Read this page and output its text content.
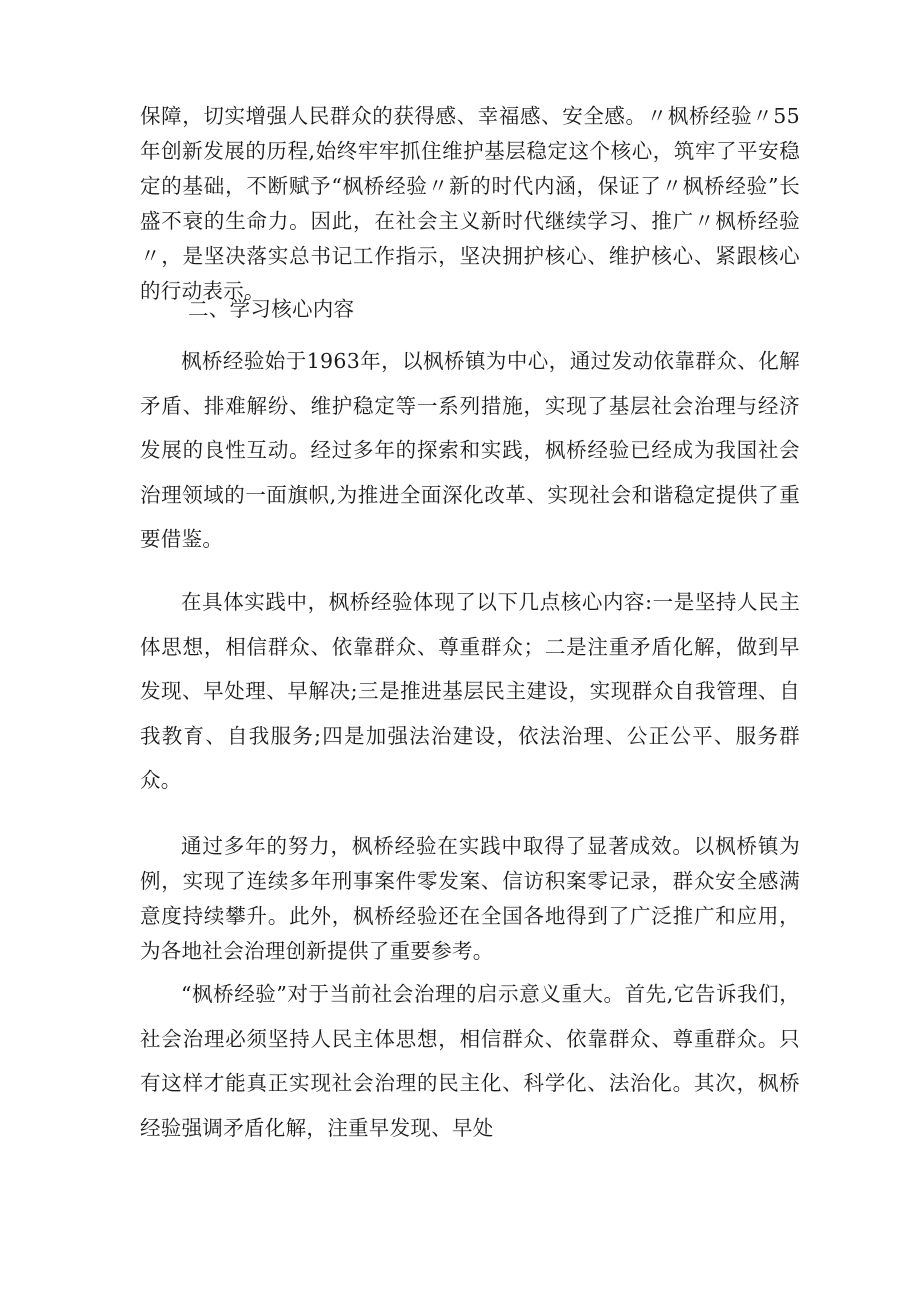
保障，切实增强人民群众的获得感、幸福感、安全感。〃枫桥经验〃55年创新发展的历程,始终牢牢抓住维护基层稳定这个核心，筑牢了平安稳定的基础，不断赋予“枫桥经验〃新的时代内涵，保证了〃枫桥经验”长盛不衰的生命力。因此，在社会主义新时代继续学习、推广〃枫桥经验〃，是坚决落实总书记工作指示，坚决拥护核心、维护核心、紧跟核心的行动表示。

二、学习核心内容

枫桥经验始于1963年，以枫桥镇为中心，通过发动依靠群众、化解矛盾、排难解纷、维护稳定等一系列措施，实现了基层社会治理与经济发展的良性互动。经过多年的探索和实践，枫桥经验已经成为我国社会治理领域的一面旗帜,为推进全面深化改革、实现社会和谐稳定提供了重要借鉴。

在具体实践中，枫桥经验体现了以下几点核心内容:一是坚持人民主体思想，相信群众、依靠群众、尊重群众；二是注重矛盾化解，做到早发现、早处理、早解决;三是推进基层民主建设，实现群众自我管理、自我教育、自我服务;四是加强法治建设，依法治理、公正公平、服务群众。

通过多年的努力，枫桥经验在实践中取得了显著成效。以枫桥镇为例，实现了连续多年刑事案件零发案、信访积案零记录，群众安全感满意度持续攀升。此外，枫桥经验还在全国各地得到了广泛推广和应用，为各地社会治理创新提供了重要参考。

“枫桥经验”对于当前社会治理的启示意义重大。首先,它告诉我们，社会治理必须坚持人民主体思想，相信群众、依靠群众、尊重群众。只有这样才能真正实现社会治理的民主化、科学化、法治化。其次，枫桥经验强调矛盾化解，注重早发现、早处
